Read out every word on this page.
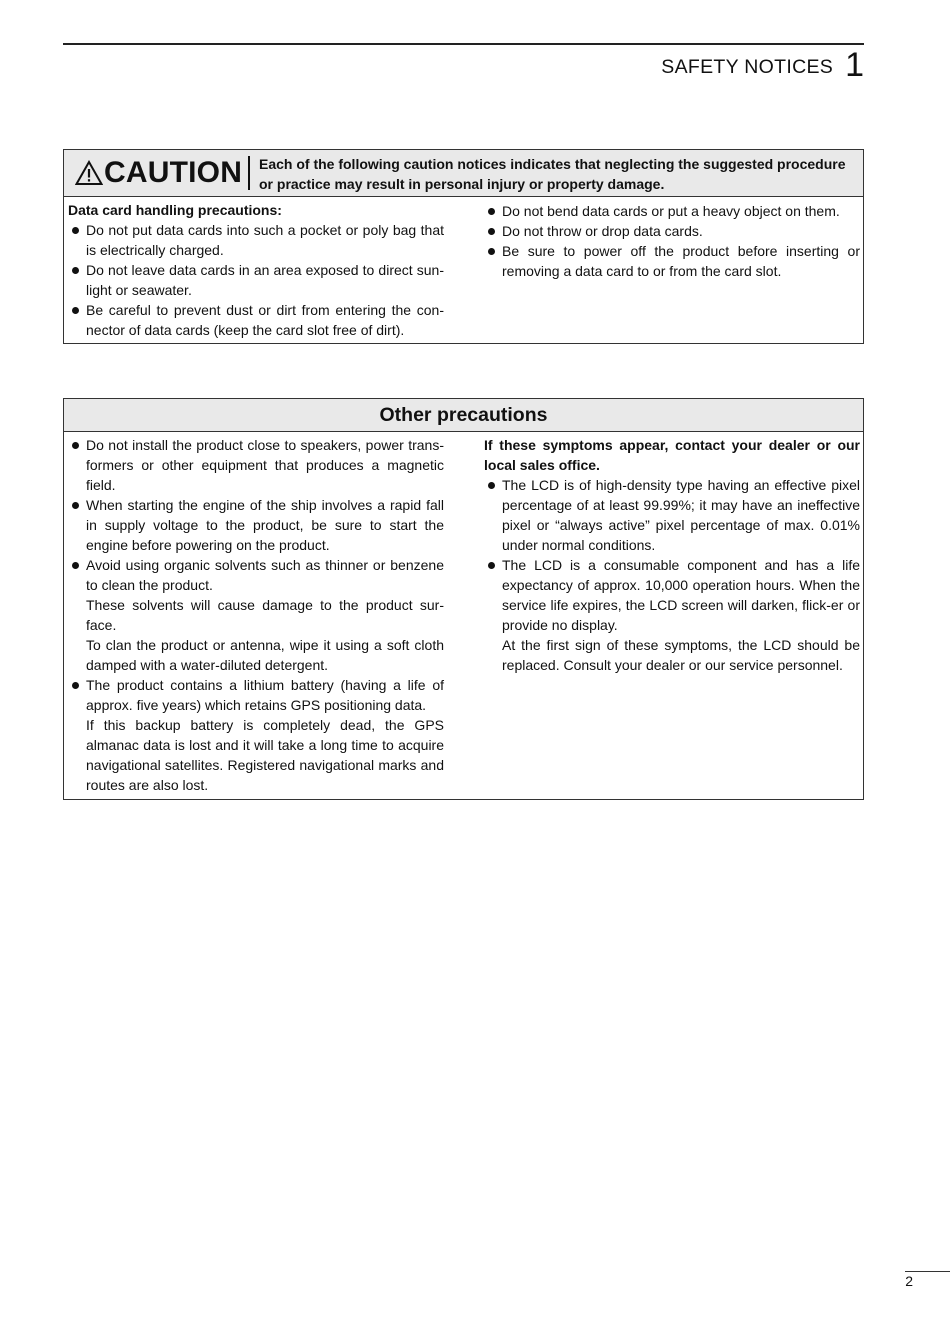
SAFETY NOTICES 1
CAUTION Each of the following caution notices indicates that neglecting the suggested procedure or practice may result in personal injury or property damage.
Data card handling precautions:
Do not put data cards into such a pocket or poly bag that is electrically charged.
Do not leave data cards in an area exposed to direct sun-light or seawater.
Be careful to prevent dust or dirt from entering the con-nector of data cards (keep the card slot free of dirt).
Do not bend data cards or put a heavy object on them.
Do not throw or drop data cards.
Be sure to power off the product before inserting or removing a data card to or from the card slot.
Other precautions
Do not install the product close to speakers, power trans-formers or other equipment that produces a magnetic field.
When starting the engine of the ship involves a rapid fall in supply voltage to the product, be sure to start the engine before powering on the product.
Avoid using organic solvents such as thinner or benzene to clean the product.
These solvents will cause damage to the product sur-face.
To clan the product or antenna, wipe it using a soft cloth damped with a water-diluted detergent.
The product contains a lithium battery (having a life of approx. five years) which retains GPS positioning data.
If this backup battery is completely dead, the GPS almanac data is lost and it will take a long time to acquire navigational satellites. Registered navigational marks and routes are also lost.
If these symptoms appear, contact your dealer or our local sales office.
The LCD is of high-density type having an effective pixel percentage of at least 99.99%; it may have an ineffective pixel or “always active” pixel percentage of max. 0.01% under normal conditions.
The LCD is a consumable component and has a life expectancy of approx. 10,000 operation hours. When the service life expires, the LCD screen will darken, flick-er or provide no display.
At the first sign of these symptoms, the LCD should be replaced. Consult your dealer or our service personnel.
2
